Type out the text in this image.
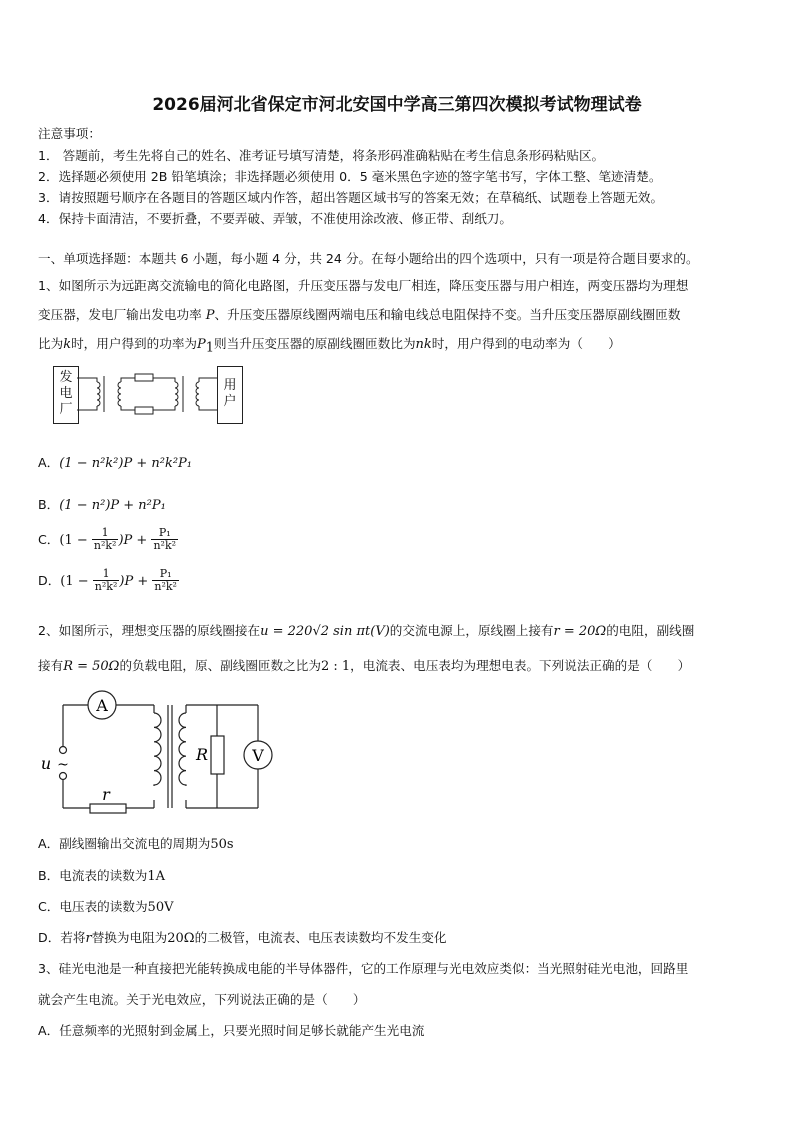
2026届河北省保定市河北安国中学高三第四次模拟考试物理试卷
注意事项：
1． 答题前，考生先将自己的姓名、准考证号填写清楚，将条形码准确粘贴在考生信息条形码粘贴区。
2．选择题必须使用 2B 铅笔填涂；非选择题必须使用 0．5 毫米黑色字迹的签字笔书写，字体工整、笔迹清楚。
3．请按照题号顺序在各题目的答题区域内作答，超出答题区域书写的答案无效；在草稿纸、试题卷上答题无效。
4．保持卡面清洁，不要折叠，不要弄破、弄皱，不准使用涂改液、修正带、刮纸刀。
一、单项选择题：本题共 6 小题，每小题 4 分，共 24 分。在每小题给出的四个选项中，只有一项是符合题目要求的。
1、如图所示为远距离交流输电的简化电路图，升压变压器与发电厂相连，降压变压器与用户相连，两变压器均为理想
变压器，发电厂输出发电功率 P、升压变压器原线圈两端电压和输电线总电阻保持不变。当升压变压器原副线圈匝数
比为k时，用户得到的功率为$P_1$则当升压变压器的原副线圈匝数比为nk时，用户得到的电动率为（　　）
发
电
厂
用
户
A．(1 − n²k²)P + n²k²P₁
B．(1 − n²)P + n²P₁
C．$(1 - \frac{1}{\text{n²k²}} )P + \frac{\text{P₁}}{\text{n²k²}}$
D．$(1 - \frac{1}{\text{n²k²}} )P + \frac{\text{P₁}}{\text{n²k²}}$
2、如图所示，理想变压器的原线圈接在u = 220√2 sin πt(V)的交流电源上，原线圈上接有r = 20Ω的电阻，副线圈
接有R = 50Ω的负载电阻，原、副线圈匝数之比为2 : 1，电流表、电压表均为理想电表。下列说法正确的是（　　）
A
V
R
r
u ~
A．副线圈输出交流电的周期为50s
B．电流表的读数为1A
C．电压表的读数为50V
D．若将r替换为电阻为20Ω的二极管，电流表、电压表读数均不发生变化
3、硅光电池是一种直接把光能转换成电能的半导体器件，它的工作原理与光电效应类似：当光照射硅光电池，回路里
就会产生电流。关于光电效应，下列说法正确的是（　　）
A．任意频率的光照射到金属上，只要光照时间足够长就能产生光电流
